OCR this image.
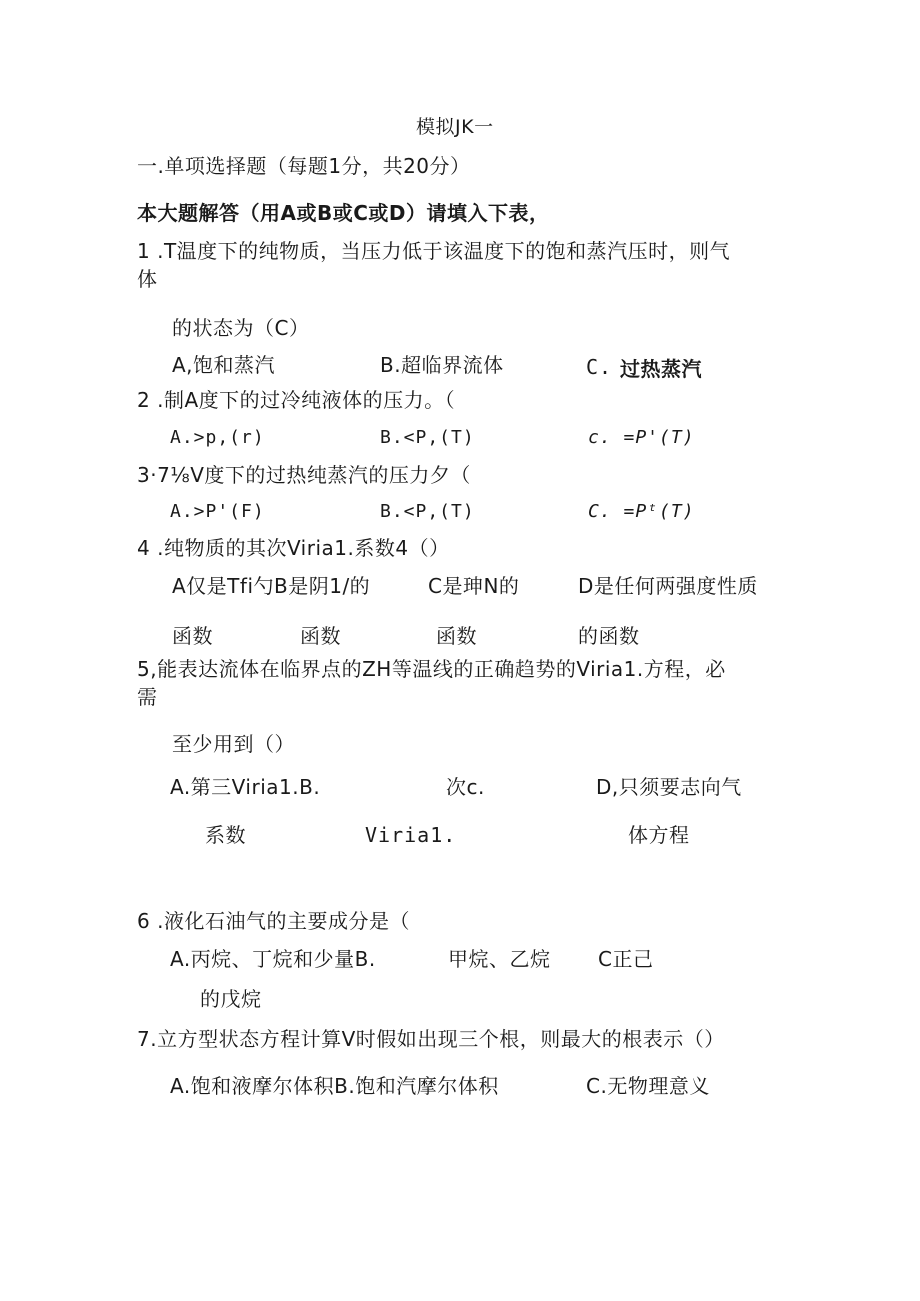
模拟JK一
一.单项选择题（每题1分，共20分）
本大题解答（用A或B或C或D）请填入下表，
1 .T温度下的纯物质，当压力低于该温度下的饱和蒸汽压时，则气
体
的状态为（C）
A,饱和蒸汽	B.超临界流体	C. 过热蒸汽
2 .制A度下的过冷纯液体的压力。（
A.>p,(r)	B.<P,(T)	c. =P'(T)
3·7⅛V度下的过热纯蒸汽的压力夕（
A.>P'(F)	B.<P,(T)	C. =Pᵗ(T)
4 .纯物质的其次Viria1.系数4（）
A仅是Tfi勺B是阴1/的	C是珅N的	D是任何两强度性质
函数	函数	函数	的函数
5,能表达流体在临界点的ZH等温线的正确趋势的Viria1.方程，必
需
至少用到（）
A.第三Viria1.B.	次c.	D,只须要志向气
系数	Viria1.	体方程
6 .液化石油气的主要成分是（
A.丙烷、丁烷和少量B.	甲烷、乙烷 C正己
的戊烷
7.立方型状态方程计算V时假如出现三个根，则最大的根表示（）
A.饱和液摩尔体积B.饱和汽摩尔体积	C.无物理意义
